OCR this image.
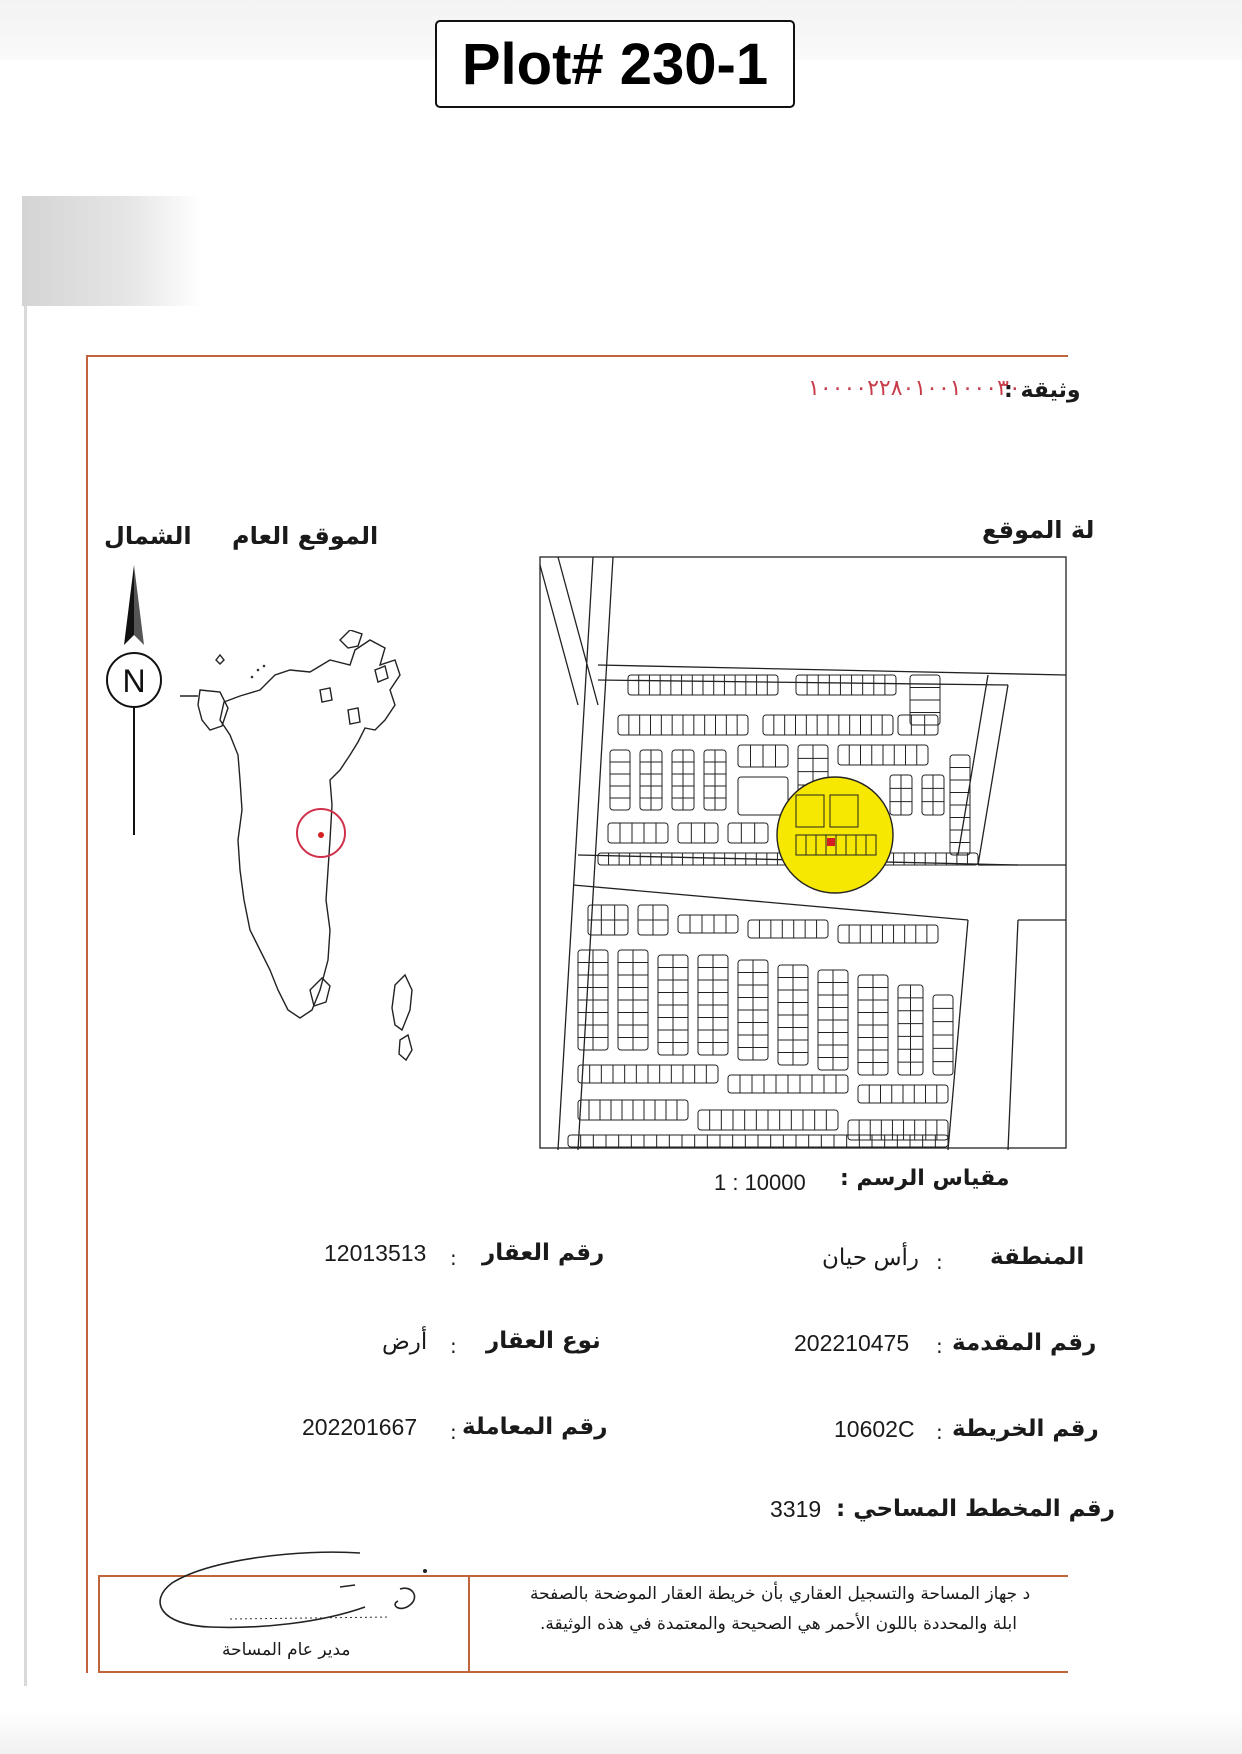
Plot# 230-1
وثيقة :
١٠٠٠٠٢٢٨٠١٠٠١٠٠٠٣٠
الشمال الموقع العام	لة الموقع
N
مقياس الرسم :
1 : 10000
المنطقة
:
رأس حيان
رقم المقدمة
:
202210475
رقم الخريطة
:
10602C
رقم المخطط المساحي :
3319
رقم العقار
:
12013513
نوع العقار
:
أرض
رقم المعاملة
:
202201667
مدير عام المساحة
د جهاز المساحة والتسجيل العقاري بأن خريطة العقار الموضحة بالصفحة
ابلة والمحددة باللون الأحمر هي الصحيحة والمعتمدة في هذه الوثيقة.
